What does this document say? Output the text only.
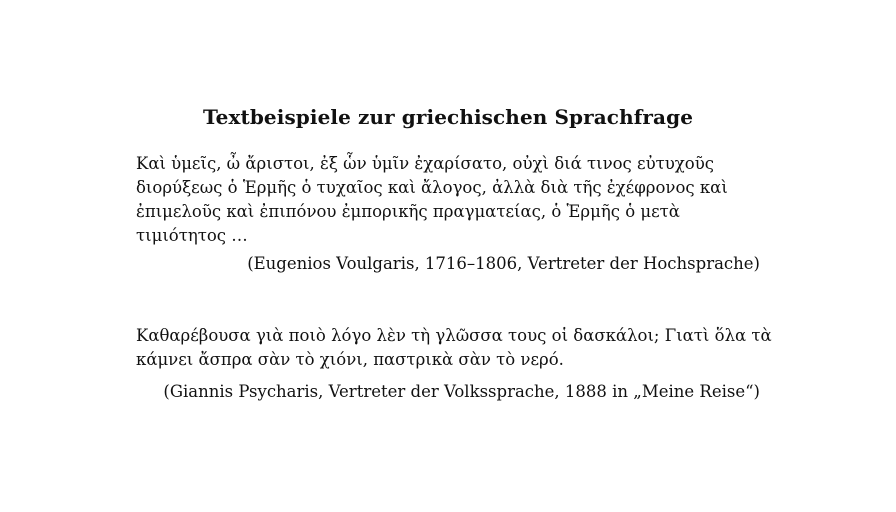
Textbeispiele zur griechischen Sprachfrage
Καὶ ὑμεῖς, ὦ ἄριστοι, ἐξ ὧν ὑμῖν ἐχαρίσατο, οὐχὶ διά τινος εὐτυχοῦς
διορύξεως ὁ Ἑρμῆς ὁ τυχαῖος καὶ ἄλογος, ἀλλὰ διὰ τῆς ἐχέφρονος καὶ
ἐπιμελοῦς καὶ ἐπιπόνου ἐμπορικῆς πραγματείας, ὁ Ἑρμῆς ὁ μετὰ
τιμιότητος …
(Eugenios Voulgaris, 1716–1806, Vertreter der Hochsprache)
Καθαρέβουσα γιὰ ποιὸ λόγο λὲν τὴ γλῶσσα τους οἱ δασκάλοι; Γιατὶ ὅλα τὰ
κάμνει ἄσπρα σὰν τὸ χιόνι, παστρικὰ σὰν τὸ νερό.
(Giannis Psycharis, Vertreter der Volkssprache, 1888 in „Meine Reise“)
